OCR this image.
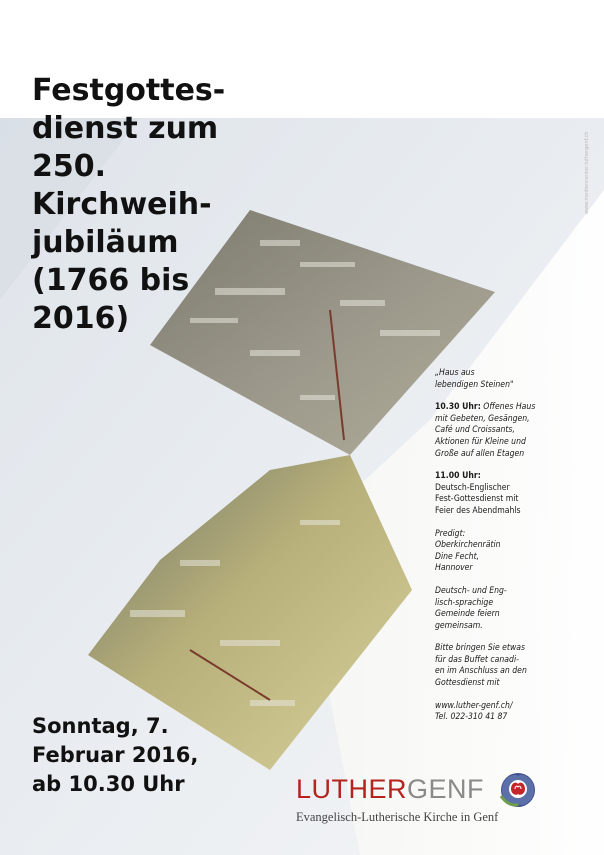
Festgottes-
dienst zum
250.
Kirchweih-
jubiläum
(1766 bis
2016)
„Haus aus
lebendigen Steinen"
10.30 Uhr: Offenes Haus
mit Gebeten, Gesängen,
Café und Croissants,
Aktionen für Kleine und
Große auf allen Etagen
11.00 Uhr:
Deutsch-Englischer
Fest-Gottesdienst mit
Feier des Abendmahls
Predigt:
Oberkirchenrätin
Dine Fecht,
Hannover
Deutsch- und Eng-
lisch-sprachige
Gemeinde feiern
gemeinsam.
Bitte bringen Sie etwas
für das Buffet canadi-
en im Anschluss an den
Gottesdienst mit
www.luther-genf.ch/
Tel. 022-310 41 87
Sonntag, 7.
Februar 2016,
ab 10.30 Uhr	LUTHERGENF
Evangelisch-Lutherische Kirche in Genf
www.mediencenter.luthergenf.ch
